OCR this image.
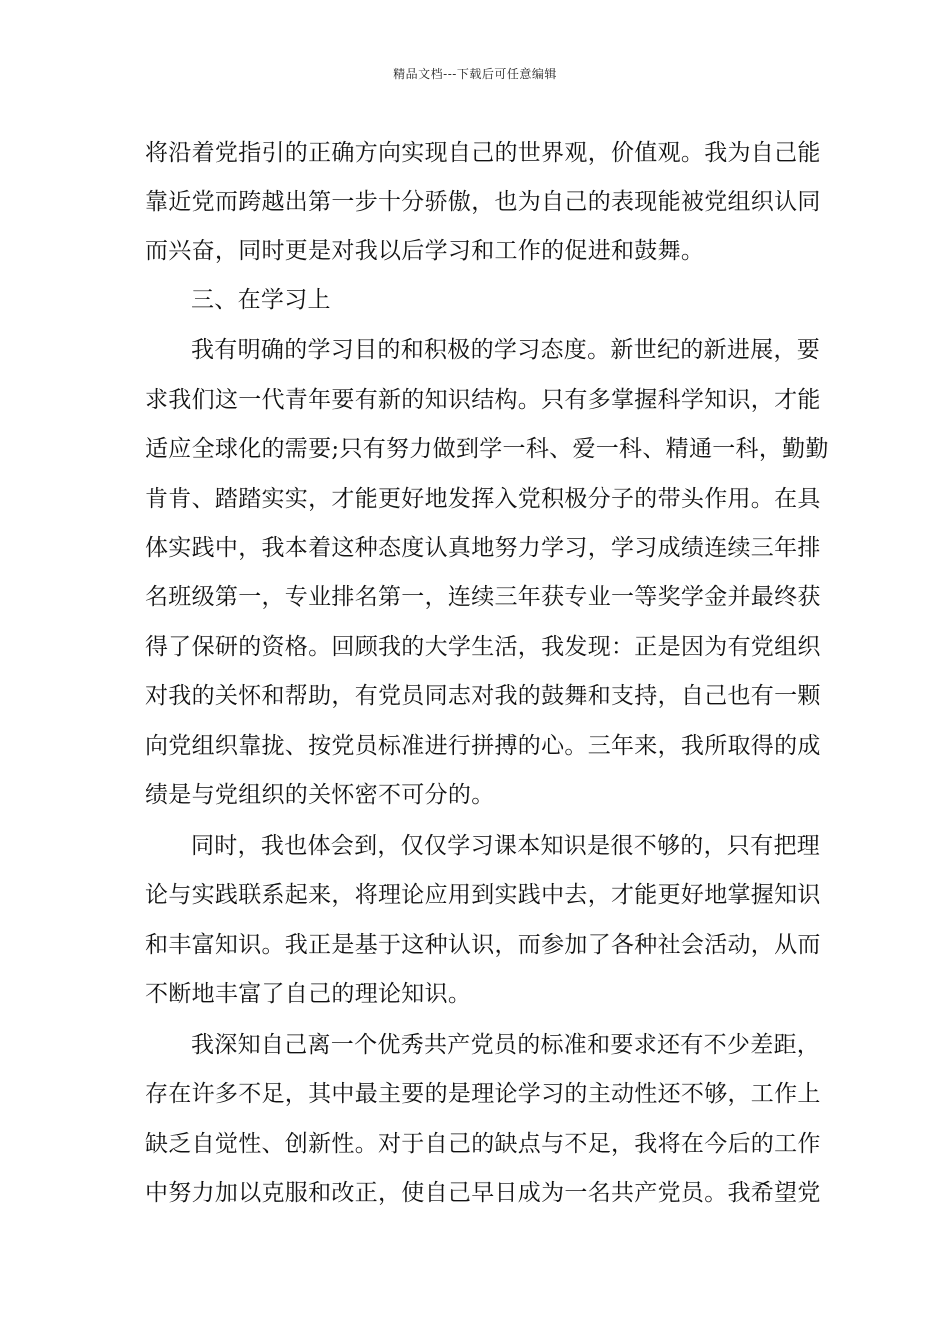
精品文档---下载后可任意编辑
将沿着党指引的正确方向实现自己的世界观，价值观。我为自己能
靠近党而跨越出第一步十分骄傲，也为自己的表现能被党组织认同
而兴奋，同时更是对我以后学习和工作的促进和鼓舞。
三、在学习上
我有明确的学习目的和积极的学习态度。新世纪的新进展，要
求我们这一代青年要有新的知识结构。只有多掌握科学知识，才能
适应全球化的需要;只有努力做到学一科、爱一科、精通一科，勤勤
肯肯、踏踏实实，才能更好地发挥入党积极分子的带头作用。在具
体实践中，我本着这种态度认真地努力学习，学习成绩连续三年排
名班级第一，专业排名第一，连续三年获专业一等奖学金并最终获
得了保研的资格。回顾我的大学生活，我发现：正是因为有党组织
对我的关怀和帮助，有党员同志对我的鼓舞和支持，自己也有一颗
向党组织靠拢、按党员标准进行拼搏的心。三年来，我所取得的成
绩是与党组织的关怀密不可分的。
同时，我也体会到，仅仅学习课本知识是很不够的，只有把理
论与实践联系起来，将理论应用到实践中去，才能更好地掌握知识
和丰富知识。我正是基于这种认识，而参加了各种社会活动，从而
不断地丰富了自己的理论知识。
我深知自己离一个优秀共产党员的标准和要求还有不少差距，
存在许多不足，其中最主要的是理论学习的主动性还不够，工作上
缺乏自觉性、创新性。对于自己的缺点与不足，我将在今后的工作
中努力加以克服和改正，使自己早日成为一名共产党员。我希望党
